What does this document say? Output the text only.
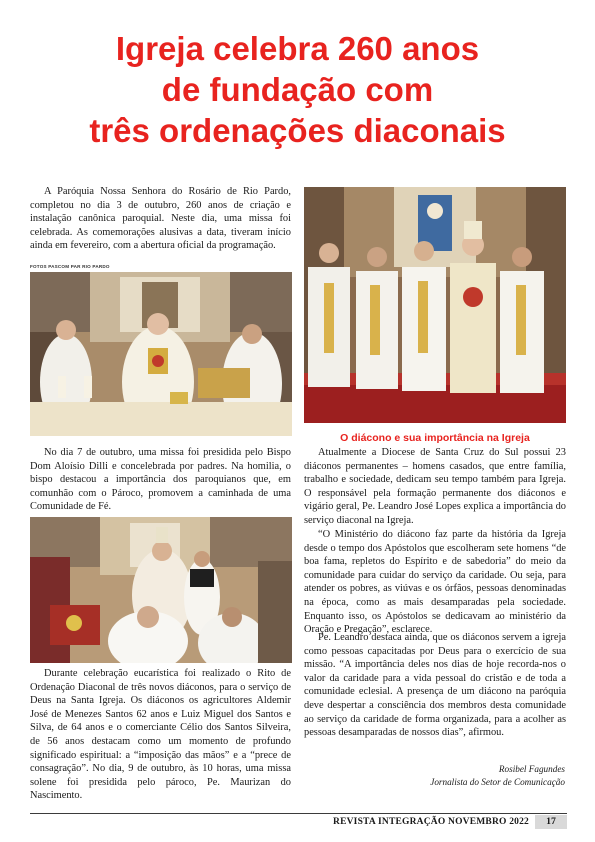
Igreja celebra 260 anos
de fundação com
três ordenações diaconais

A Paróquia Nossa Senhora do Rosário de Rio Pardo, completou no dia 3 de outubro, 260 anos de criação e instalação canônica paroquial. Neste dia, uma missa foi celebrada. As comemorações alusivas a data, tiveram início ainda em fevereiro, com a abertura oficial da programação.

FOTOS PASCOM PAR RIO PARDO

No dia 7 de outubro, uma missa foi presidida pelo Bispo Dom Aloísio Dilli e concelebrada por padres. Na homilia, o bispo destacou a importância dos paroquianos que, em comunhão com o Pároco, promovem a caminhada de uma Comunidade de Fé.

Durante celebração eucarística foi realizado o Rito de Ordenação Diaconal de três novos diáconos, para o serviço de Deus na Santa Igreja. Os diáconos os agricultores Aldemir José de Menezes Santos 62 anos e Luiz Miguel dos Santos e Silva, de 64 anos e o comerciante Célio dos Santos Silveira, de 56 anos destacam como um momento de profundo significado espiritual: a “imposição das mãos” e a “prece de consagração”. No dia, 9 de outubro, às 10 horas, uma missa solene foi presidida pelo pároco, Pe. Maurizan do Nascimento.

O diácono e sua importância na Igreja

Atualmente a Diocese de Santa Cruz do Sul possui 23 diáconos permanentes – homens casados, que entre família, trabalho e sociedade, dedicam seu tempo também para Igreja. O responsável pela formação permanente dos diáconos e vigário geral, Pe. Leandro José Lopes explica a importância do serviço diaconal na Igreja.

“O Ministério do diácono faz parte da história da Igreja desde o tempo dos Apóstolos que escolheram sete homens “de boa fama, repletos do Espírito e de sabedoria” do meio da comunidade para cuidar do serviço da caridade. Ou seja, para atender os pobres, as viúvas e os órfãos, pessoas denominadas na época, como as mais desamparadas pela sociedade. Enquanto isso, os Apóstolos se dedicavam ao ministério da Oração e Pregação”, esclarece.

Pe. Leandro destaca ainda, que os diáconos servem a igreja como pessoas capacitadas por Deus para o exercício de sua missão. “A importância deles nos dias de hoje recorda-nos o valor da caridade para a vida pessoal do cristão e de toda a comunidade eclesial. A presença de um diácono na paróquia deve despertar a consciência dos membros desta comunidade ao serviço da caridade de forma organizada, para a acolher as pessoas desamparadas de nossos dias”, afirmou.

Rosibel Fagundes

Jornalista do Setor de Comunicação

REVISTA INTEGRAÇÃO NOVEMBRO 2022	17
